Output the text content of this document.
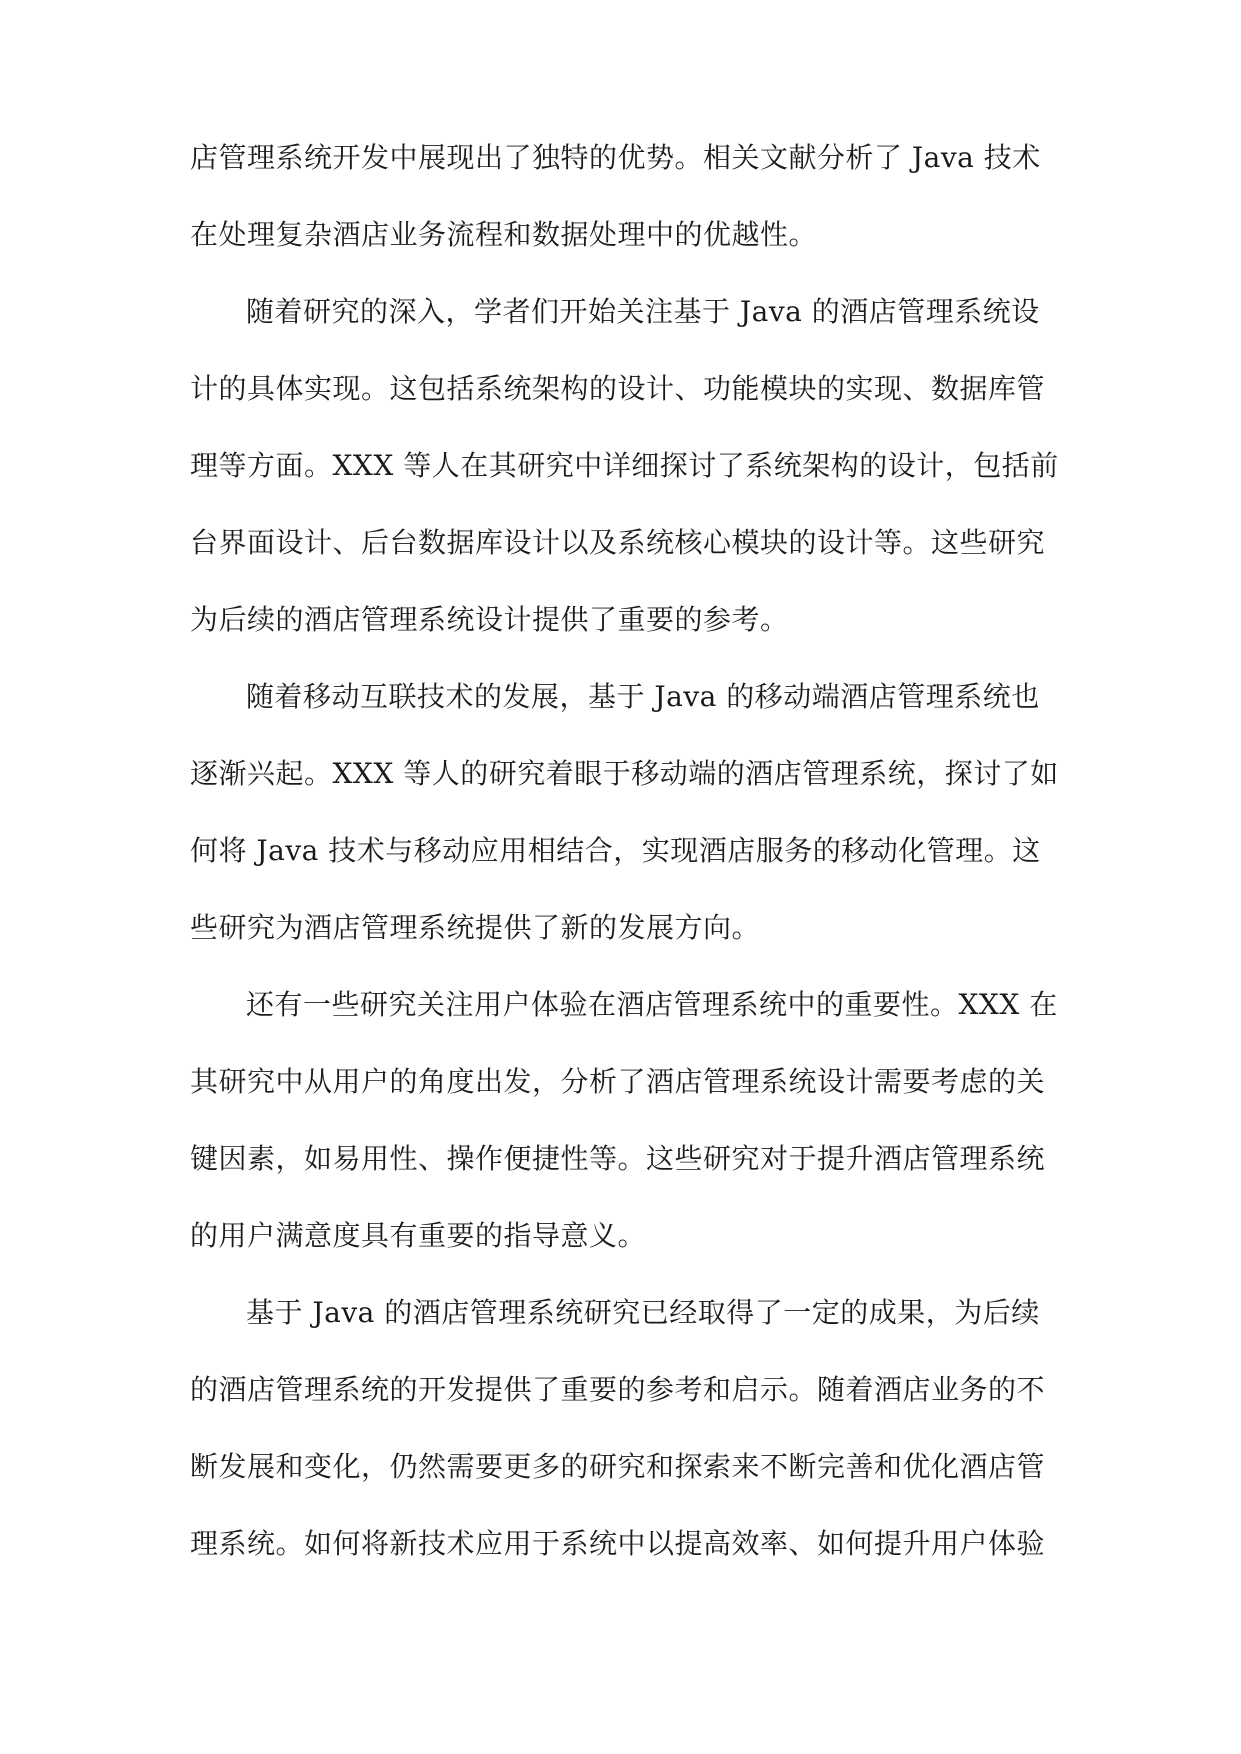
店管理系统开发中展现出了独特的优势。相关文献分析了 Java 技术
在处理复杂酒店业务流程和数据处理中的优越性。
随着研究的深入，学者们开始关注基于 Java 的酒店管理系统设
计的具体实现。这包括系统架构的设计、功能模块的实现、数据库管
理等方面。XXX 等人在其研究中详细探讨了系统架构的设计，包括前
台界面设计、后台数据库设计以及系统核心模块的设计等。这些研究
为后续的酒店管理系统设计提供了重要的参考。
随着移动互联技术的发展，基于 Java 的移动端酒店管理系统也
逐渐兴起。XXX 等人的研究着眼于移动端的酒店管理系统，探讨了如
何将 Java 技术与移动应用相结合，实现酒店服务的移动化管理。这
些研究为酒店管理系统提供了新的发展方向。
还有一些研究关注用户体验在酒店管理系统中的重要性。XXX 在
其研究中从用户的角度出发，分析了酒店管理系统设计需要考虑的关
键因素，如易用性、操作便捷性等。这些研究对于提升酒店管理系统
的用户满意度具有重要的指导意义。
基于 Java 的酒店管理系统研究已经取得了一定的成果，为后续
的酒店管理系统的开发提供了重要的参考和启示。随着酒店业务的不
断发展和变化，仍然需要更多的研究和探索来不断完善和优化酒店管
理系统。如何将新技术应用于系统中以提高效率、如何提升用户体验
